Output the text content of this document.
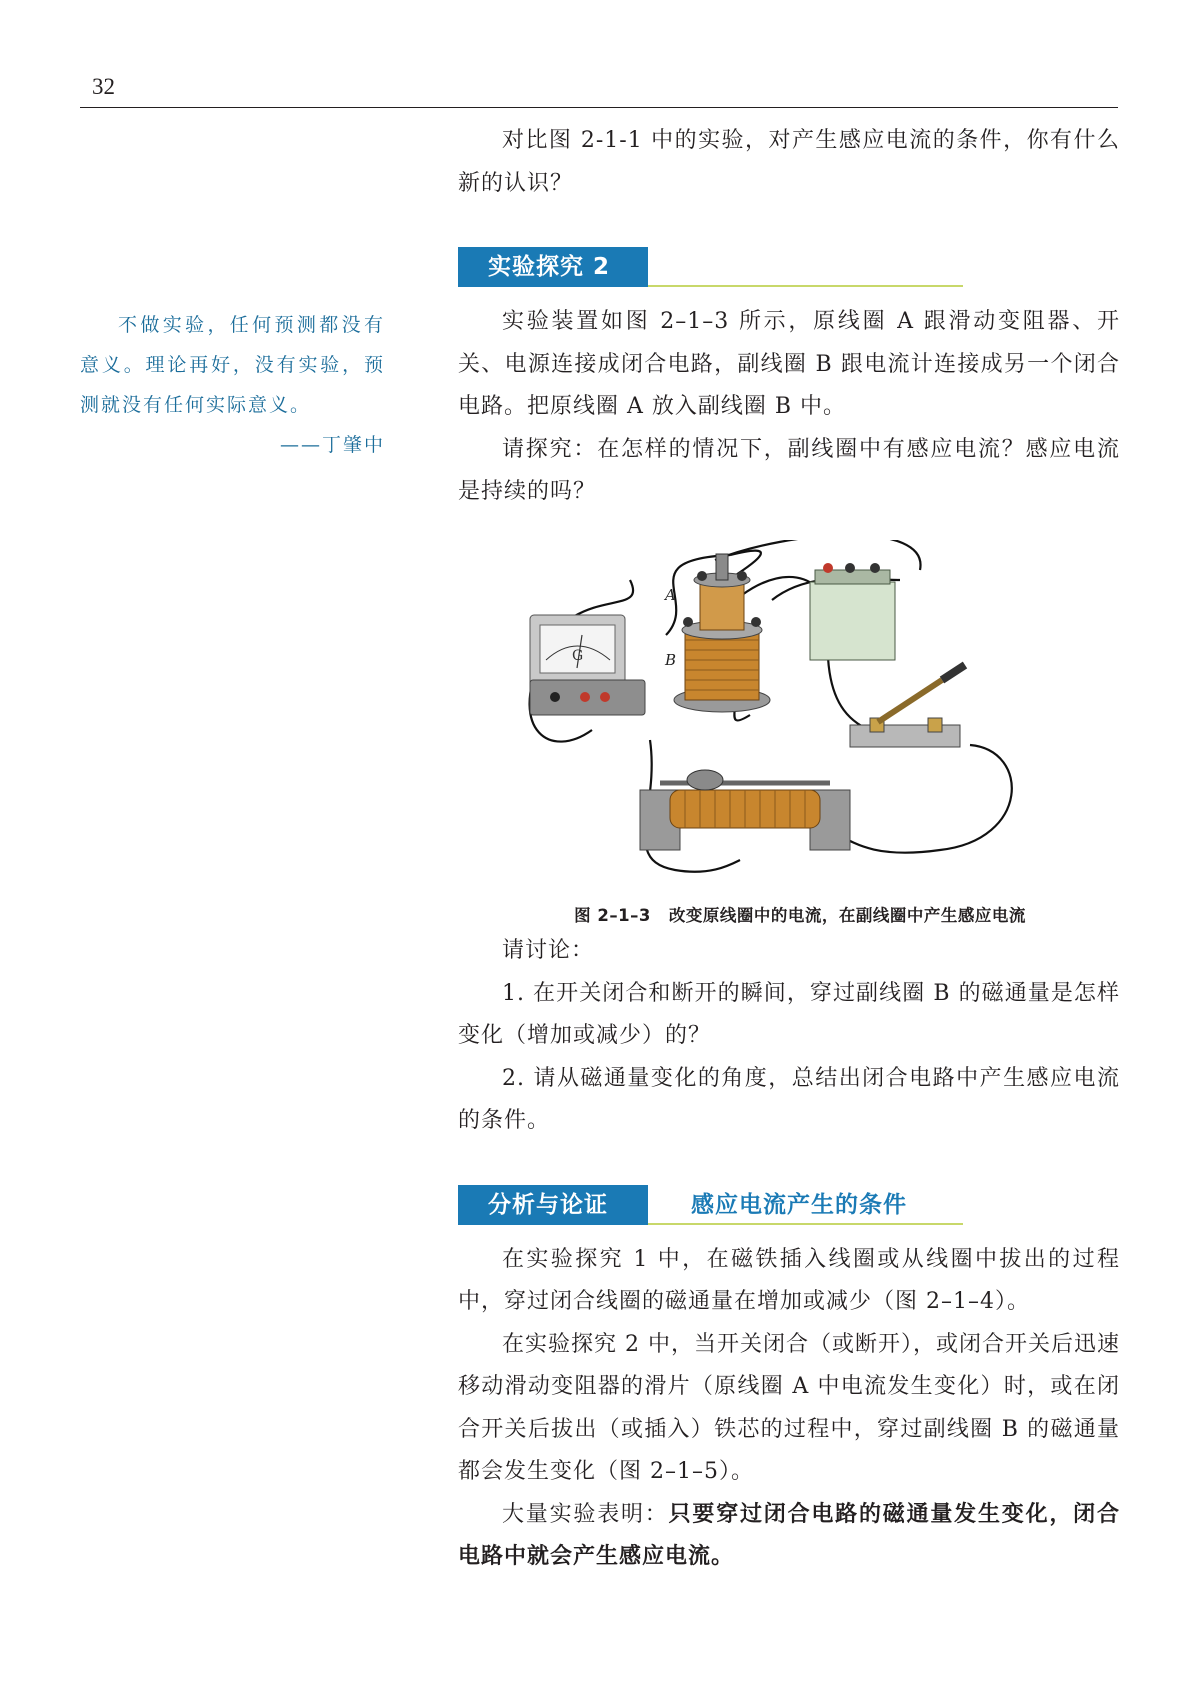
32

不做实验，任何预测都没有意义。理论再好，没有实验，预测就没有任何实际意义。

——丁肇中

对比图 2-1-1 中的实验，对产生感应电流的条件，你有什么新的认识？

实验探究 2

实验装置如图 2–1–3 所示，原线圈 A 跟滑动变阻器、开关、电源连接成闭合电路，副线圈 B 跟电流计连接成另一个闭合电路。把原线圈 A 放入副线圈 B 中。

请探究：在怎样的情况下，副线圈中有感应电流？感应电流是持续的吗？

G
A
B
图 2–1–3 改变原线圈中的电流，在副线圈中产生感应电流

请讨论：

1. 在开关闭合和断开的瞬间，穿过副线圈 B 的磁通量是怎样变化（增加或减少）的？

2. 请从磁通量变化的角度，总结出闭合电路中产生感应电流的条件。

分析与论证	感应电流产生的条件

在实验探究 1 中，在磁铁插入线圈或从线圈中拔出的过程中，穿过闭合线圈的磁通量在增加或减少（图 2–1–4）。

在实验探究 2 中，当开关闭合（或断开），或闭合开关后迅速移动滑动变阻器的滑片（原线圈 A 中电流发生变化）时，或在闭合开关后拔出（或插入）铁芯的过程中，穿过副线圈 B 的磁通量都会发生变化（图 2–1–5）。

大量实验表明：只要穿过闭合电路的磁通量发生变化，闭合电路中就会产生感应电流。
